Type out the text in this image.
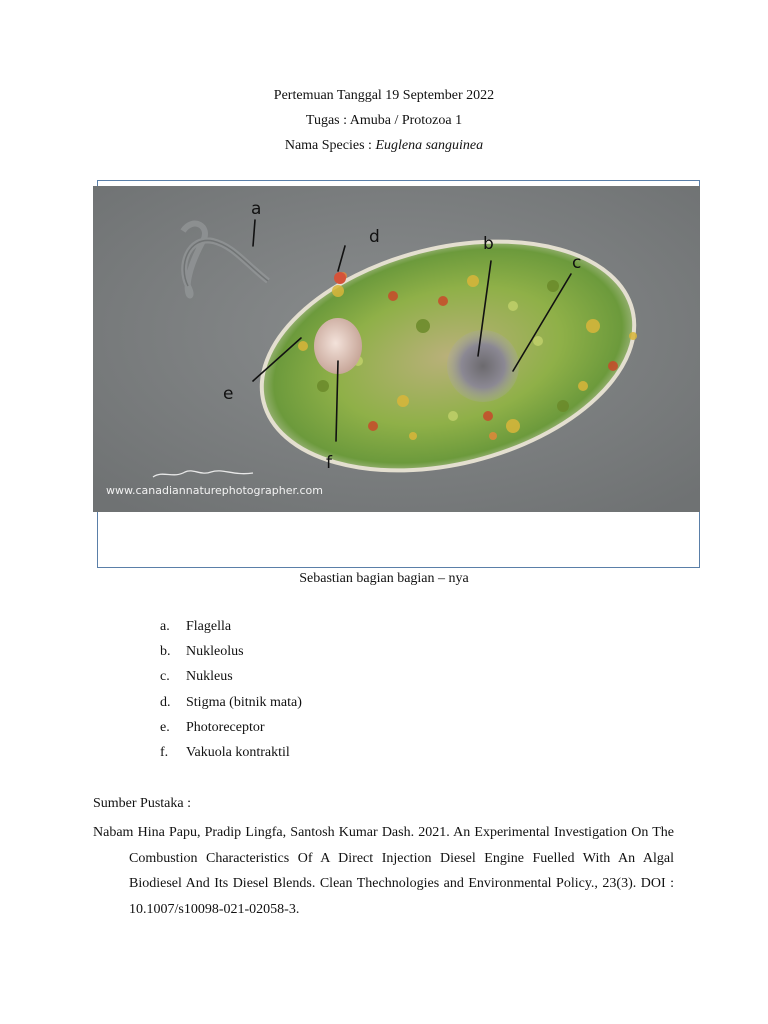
Pertemuan Tanggal 19 September 2022
Tugas : Amuba / Protozoa 1
Nama Species : Euglena sanguinea
a
d	b
c
e
f
www.canadiannaturephotographer.com
Sebastian bagian bagian – nya
a.	Flagella
b.	Nukleolus
c.	Nukleus
d.	Stigma (bitnik mata)
e.	Photoreceptor
f.	Vakuola kontraktil
Sumber Pustaka :
Nabam Hina Papu, Pradip Lingfa, Santosh Kumar Dash. 2021. An Experimental Investigation On The Combustion Characteristics Of A Direct Injection Diesel Engine Fuelled With An Algal Biodiesel And Its Diesel Blends. Clean Thechnologies and Environmental Policy., 23(3). DOI : 10.1007/s10098-021-02058-3.
